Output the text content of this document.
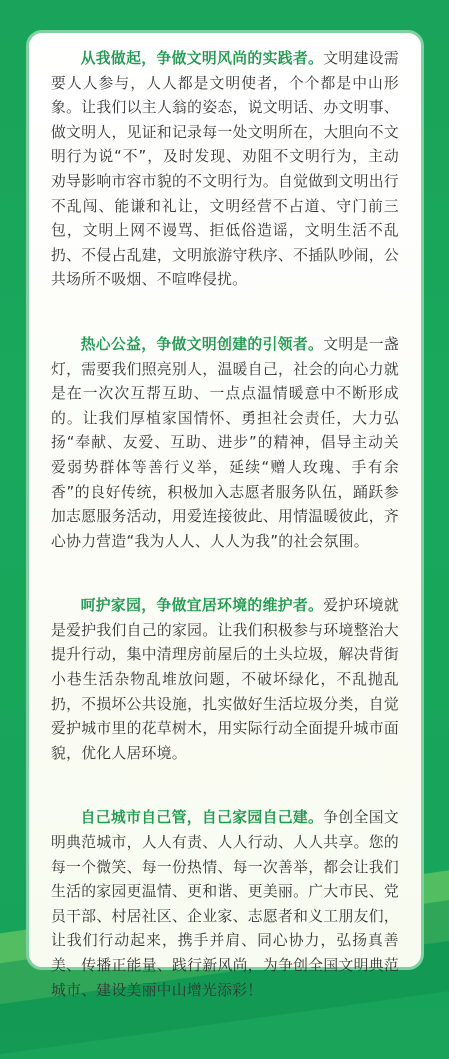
从我做起，争做文明风尚的实践者。文明建设需要人人参与，人人都是文明使者，个个都是中山形象。让我们以主人翁的姿态，说文明话、办文明事、做文明人，见证和记录每一处文明所在，大胆向不文明行为说“不”，及时发现、劝阻不文明行为，主动劝导影响市容市貌的不文明行为。自觉做到文明出行不乱闯、能谦和礼让，文明经营不占道、守门前三包，文明上网不谩骂、拒低俗造谣，文明生活不乱扔、不侵占乱建，文明旅游守秩序、不插队吵闹，公共场所不吸烟、不喧哗侵扰。

热心公益，争做文明创建的引领者。文明是一盏灯，需要我们照亮别人，温暖自己，社会的向心力就是在一次次互帮互助、一点点温情暖意中不断形成的。让我们厚植家国情怀、勇担社会责任，大力弘扬“奉献、友爱、互助、进步”的精神，倡导主动关爱弱势群体等善行义举，延续“赠人玫瑰、手有余香”的良好传统，积极加入志愿者服务队伍，踊跃参加志愿服务活动，用爱连接彼此、用情温暖彼此，齐心协力营造“我为人人、人人为我”的社会氛围。

呵护家园，争做宜居环境的维护者。爱护环境就是爱护我们自己的家园。让我们积极参与环境整治大提升行动，集中清理房前屋后的土头垃圾，解决背街小巷生活杂物乱堆放问题，不破坏绿化，不乱抛乱扔，不损坏公共设施，扎实做好生活垃圾分类，自觉爱护城市里的花草树木，用实际行动全面提升城市面貌，优化人居环境。

自己城市自己管，自己家园自己建。争创全国文明典范城市，人人有责、人人行动、人人共享。您的每一个微笑、每一份热情、每一次善举，都会让我们生活的家园更温情、更和谐、更美丽。广大市民、党员干部、村居社区、企业家、志愿者和义工朋友们，让我们行动起来，携手并肩、同心协力，弘扬真善美、传播正能量、践行新风尚，为争创全国文明典范城市、建设美丽中山增光添彩！
